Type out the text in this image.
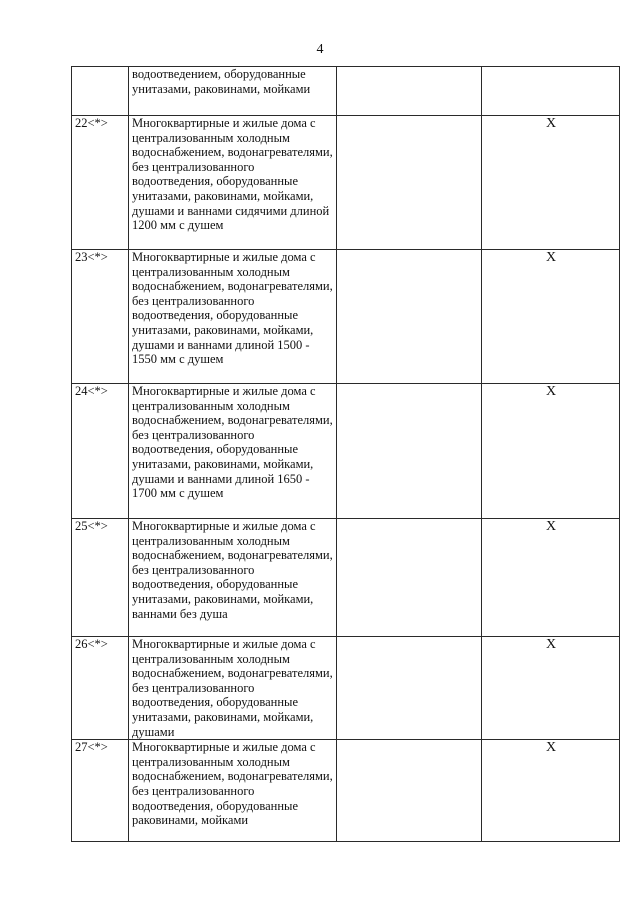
4

	водоотведением, оборудованные унитазами, раковинами, мойками		

22<*>	Многоквартирные и жилые дома с централизованным холодным водоснабжением, водонагревателями, без централизованного водоотведения, оборудованные унитазами, раковинами, мойками, душами и ваннами сидячими длиной 1200 мм с душем		X
23<*>	Многоквартирные и жилые дома с централизованным холодным водоснабжением, водонагревателями, без централизованного водоотведения, оборудованные унитазами, раковинами, мойками, душами и ваннами длиной 1500 - 1550 мм с душем		X
24<*>	Многоквартирные и жилые дома с централизованным холодным водоснабжением, водонагревателями, без централизованного водоотведения, оборудованные унитазами, раковинами, мойками, душами и ваннами длиной 1650 - 1700 мм с душем		X
25<*>	Многоквартирные и жилые дома с централизованным холодным водоснабжением, водонагревателями, без централизованного водоотведения, оборудованные унитазами, раковинами, мойками, ваннами без душа		X
26<*>	Многоквартирные и жилые дома с централизованным холодным водоснабжением, водонагревателями, без централизованного водоотведения, оборудованные унитазами, раковинами, мойками, душами		X
27<*>	Многоквартирные и жилые дома с централизованным холодным водоснабжением, водонагревателями, без централизованного водоотведения, оборудованные раковинами, мойками		X
